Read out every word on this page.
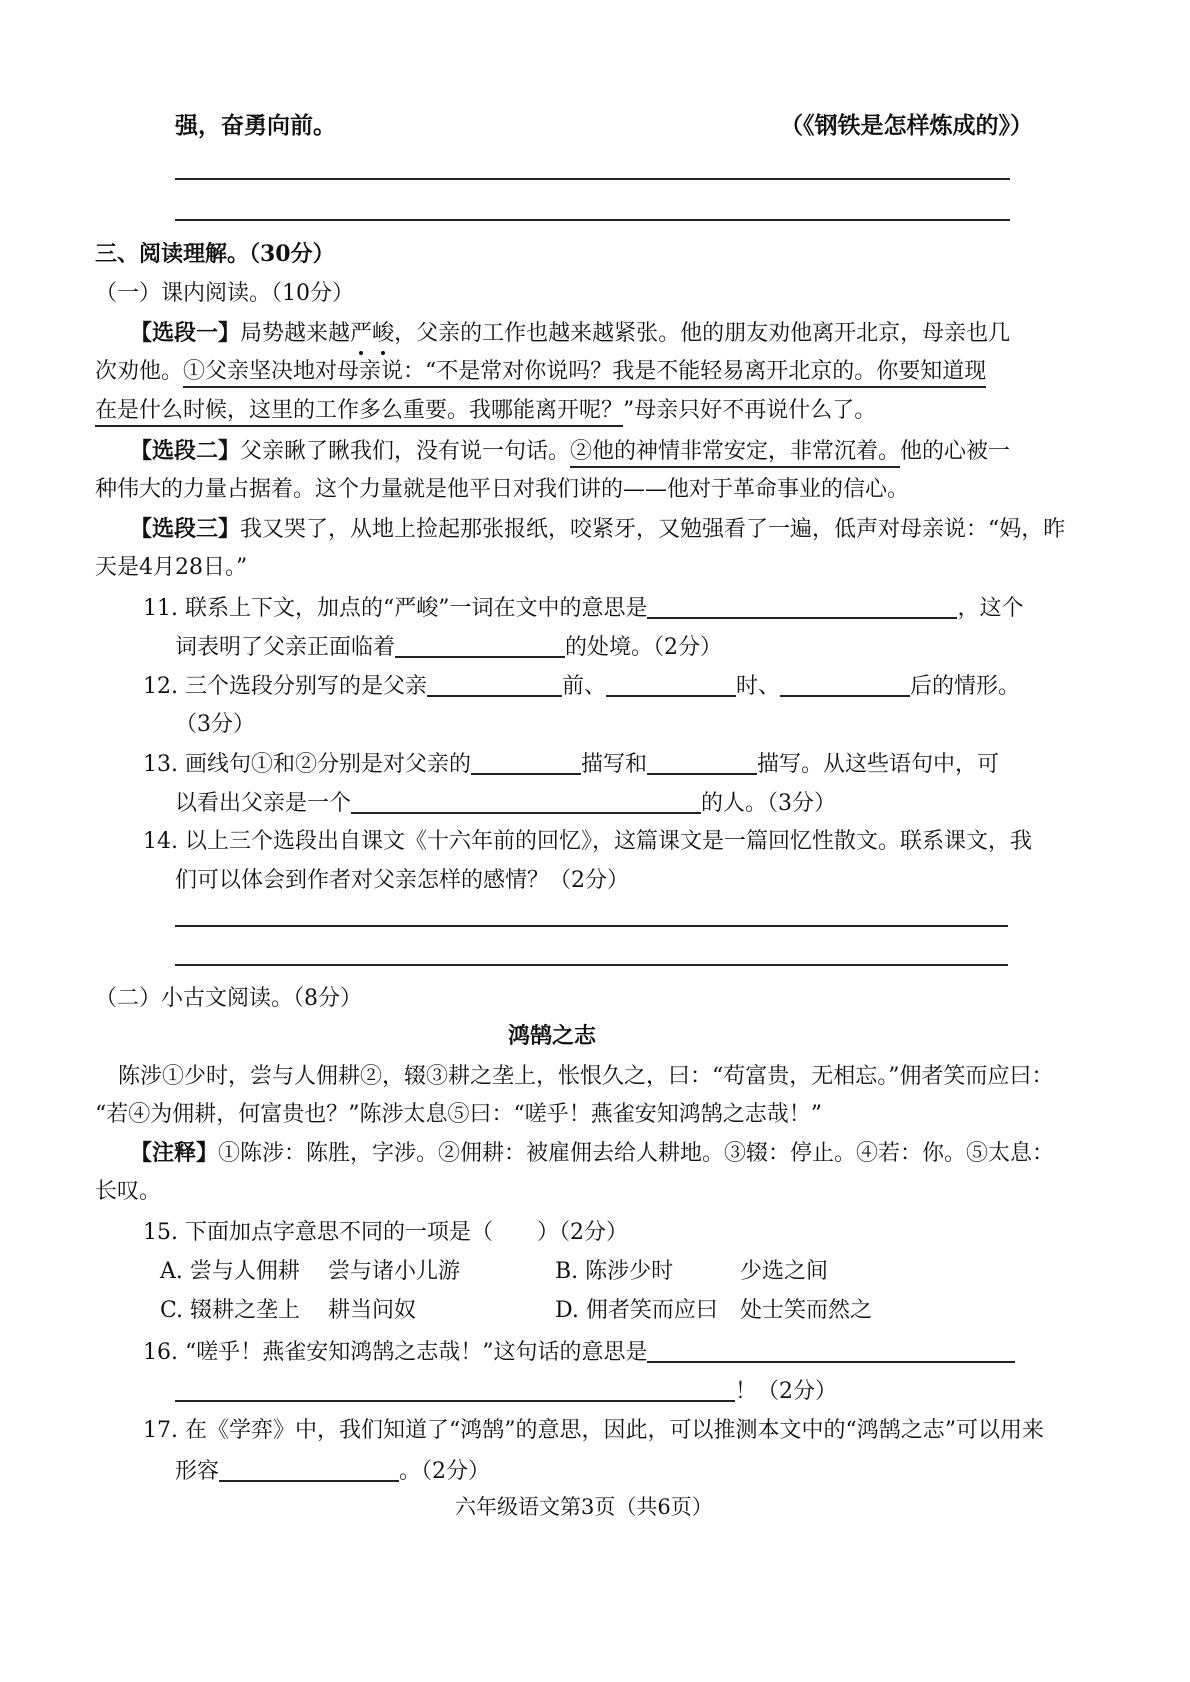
强，奋勇向前。	（《钢铁是怎样炼成的》）
三、阅读理解。（30分）
（一）课内阅读。（10分）
【选段一】局势越来越严峻，父亲的工作也越来越紧张。他的朋友劝他离开北京，母亲也几
次劝他。①父亲坚决地对母亲说：“不是常对你说吗？我是不能轻易离开北京的。你要知道现
在是什么时候，这里的工作多么重要。我哪能离开呢？”母亲只好不再说什么了。
【选段二】父亲瞅了瞅我们，没有说一句话。②他的神情非常安定，非常沉着。他的心被一
种伟大的力量占据着。这个力量就是他平日对我们讲的——他对于革命事业的信心。
【选段三】我又哭了，从地上捡起那张报纸，咬紧牙，又勉强看了一遍，低声对母亲说：“妈，昨
天是4月28日。”
11. 联系上下文，加点的“严峻”一词在文中的意思是	，这个
词表明了父亲正面临着	的处境。（2分）
12. 三个选段分别写的是父亲	前、	时、	后的情形。
（3分）
13. 画线句①和②分别是对父亲的	描写和	描写。从这些语句中，可
以看出父亲是一个	的人。（3分）
14. 以上三个选段出自课文《十六年前的回忆》，这篇课文是一篇回忆性散文。联系课文，我
们可以体会到作者对父亲怎样的感情？（2分）
（二）小古文阅读。（8分）
鸿鹄之志
陈涉①少时，尝与人佣耕②，辍③耕之垄上，怅恨久之，曰：“苟富贵，无相忘。”佣者笑而应曰：
“若④为佣耕，何富贵也？”陈涉太息⑤曰：“嗟乎！燕雀安知鸿鹄之志哉！”
【注释】①陈涉：陈胜，字涉。②佣耕：被雇佣去给人耕地。③辍：停止。④若：你。⑤太息：
长叹。
15. 下面加点字意思不同的一项是（　　）（2分）
A. 尝与人佣耕 尝与诸小儿游	B. 陈涉少时	少选之间
C. 辍耕之垄上 耕当问奴	D. 佣者笑而应曰 处士笑而然之
16. “嗟乎！燕雀安知鸿鹄之志哉！”这句话的意思是
！（2分）
17. 在《学弈》中，我们知道了“鸿鹄”的意思，因此，可以推测本文中的“鸿鹄之志”可以用来
形容	。（2分）
六年级语文第3页（共6页）
